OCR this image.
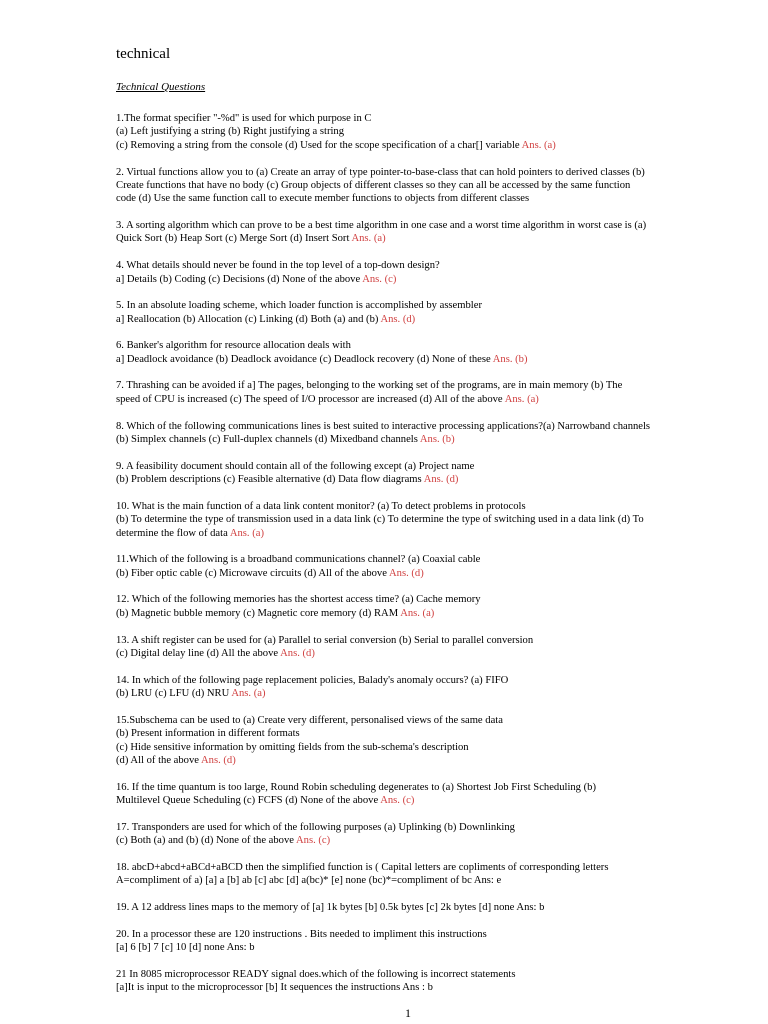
technical
Technical Questions
1.The format specifier "-%d" is used for which purpose in C
(a) Left justifying a string (b) Right justifying a string
(c) Removing a string from the console (d) Used for the scope specification of a char[] variable Ans. (a)
2. Virtual functions allow you to (a) Create an array of type pointer-to-base-class that can hold pointers to derived classes (b)
Create functions that have no body (c) Group objects of different classes so they can all be accessed by the same function
code (d) Use the same function call to execute member functions to objects from different classes
3. A sorting algorithm which can prove to be a best time algorithm in one case and a worst time algorithm in worst case is (a)
Quick Sort (b) Heap Sort (c) Merge Sort (d) Insert Sort Ans. (a)
4. What details should never be found in the top level of a top-down design?
a] Details (b) Coding (c) Decisions (d) None of the above Ans. (c)
5. In an absolute loading scheme, which loader function is accomplished by assembler
a] Reallocation (b) Allocation (c) Linking (d) Both (a) and (b) Ans. (d)
6. Banker's algorithm for resource allocation deals with
a] Deadlock avoidance (b) Deadlock avoidance (c) Deadlock recovery (d) None of these Ans. (b)
7. Thrashing can be avoided if a] The pages, belonging to the working set of the programs, are in main memory (b) The
speed of CPU is increased (c) The speed of I/O processor are increased (d) All of the above Ans. (a)
8. Which of the following communications lines is best suited to interactive processing applications?(a) Narrowband channels
(b) Simplex channels (c) Full-duplex channels (d) Mixedband channels Ans. (b)
9. A feasibility document should contain all of the following except (a) Project name
(b) Problem descriptions (c) Feasible alternative (d) Data flow diagrams Ans. (d)
10. What is the main function of a data link content monitor? (a) To detect problems in protocols
(b) To determine the type of transmission used in a data link (c) To determine the type of switching used in a data link (d) To
determine the flow of data Ans. (a)
11.Which of the following is a broadband communications channel? (a) Coaxial cable
(b) Fiber optic cable (c) Microwave circuits (d) All of the above Ans. (d)
12. Which of the following memories has the shortest access time? (a) Cache memory
(b) Magnetic bubble memory (c) Magnetic core memory (d) RAM Ans. (a)
13. A shift register can be used for (a) Parallel to serial conversion (b) Serial to parallel conversion
(c) Digital delay line (d) All the above Ans. (d)
14. In which of the following page replacement policies, Balady's anomaly occurs? (a) FIFO
(b) LRU (c) LFU (d) NRU Ans. (a)
15.Subschema can be used to (a) Create very different, personalised views of the same data
(b) Present information in different formats
(c) Hide sensitive information by omitting fields from the sub-schema's description
(d) All of the above Ans. (d)
16. If the time quantum is too large, Round Robin scheduling degenerates to (a) Shortest Job First Scheduling (b)
Multilevel Queue Scheduling (c) FCFS (d) None of the above Ans. (c)
17. Transponders are used for which of the following purposes (a) Uplinking (b) Downlinking
(c) Both (a) and (b) (d) None of the above Ans. (c)
18. abcD+abcd+aBCd+aBCD then the simplified function is ( Capital letters are copliments of corresponding letters
A=compliment of a) [a] a [b] ab [c] abc [d] a(bc)* [e] none (bc)*=compliment of bc Ans: e
19. A 12 address lines maps to the memory of [a] 1k bytes [b] 0.5k bytes [c] 2k bytes [d] none Ans: b
20. In a processor these are 120 instructions . Bits needed to impliment this instructions
[a] 6 [b] 7 [c] 10 [d] none Ans: b
21 In 8085 microprocessor READY signal does.which of the following is incorrect statements
[a]It is input to the microprocessor [b] It sequences the instructions Ans : b
1
